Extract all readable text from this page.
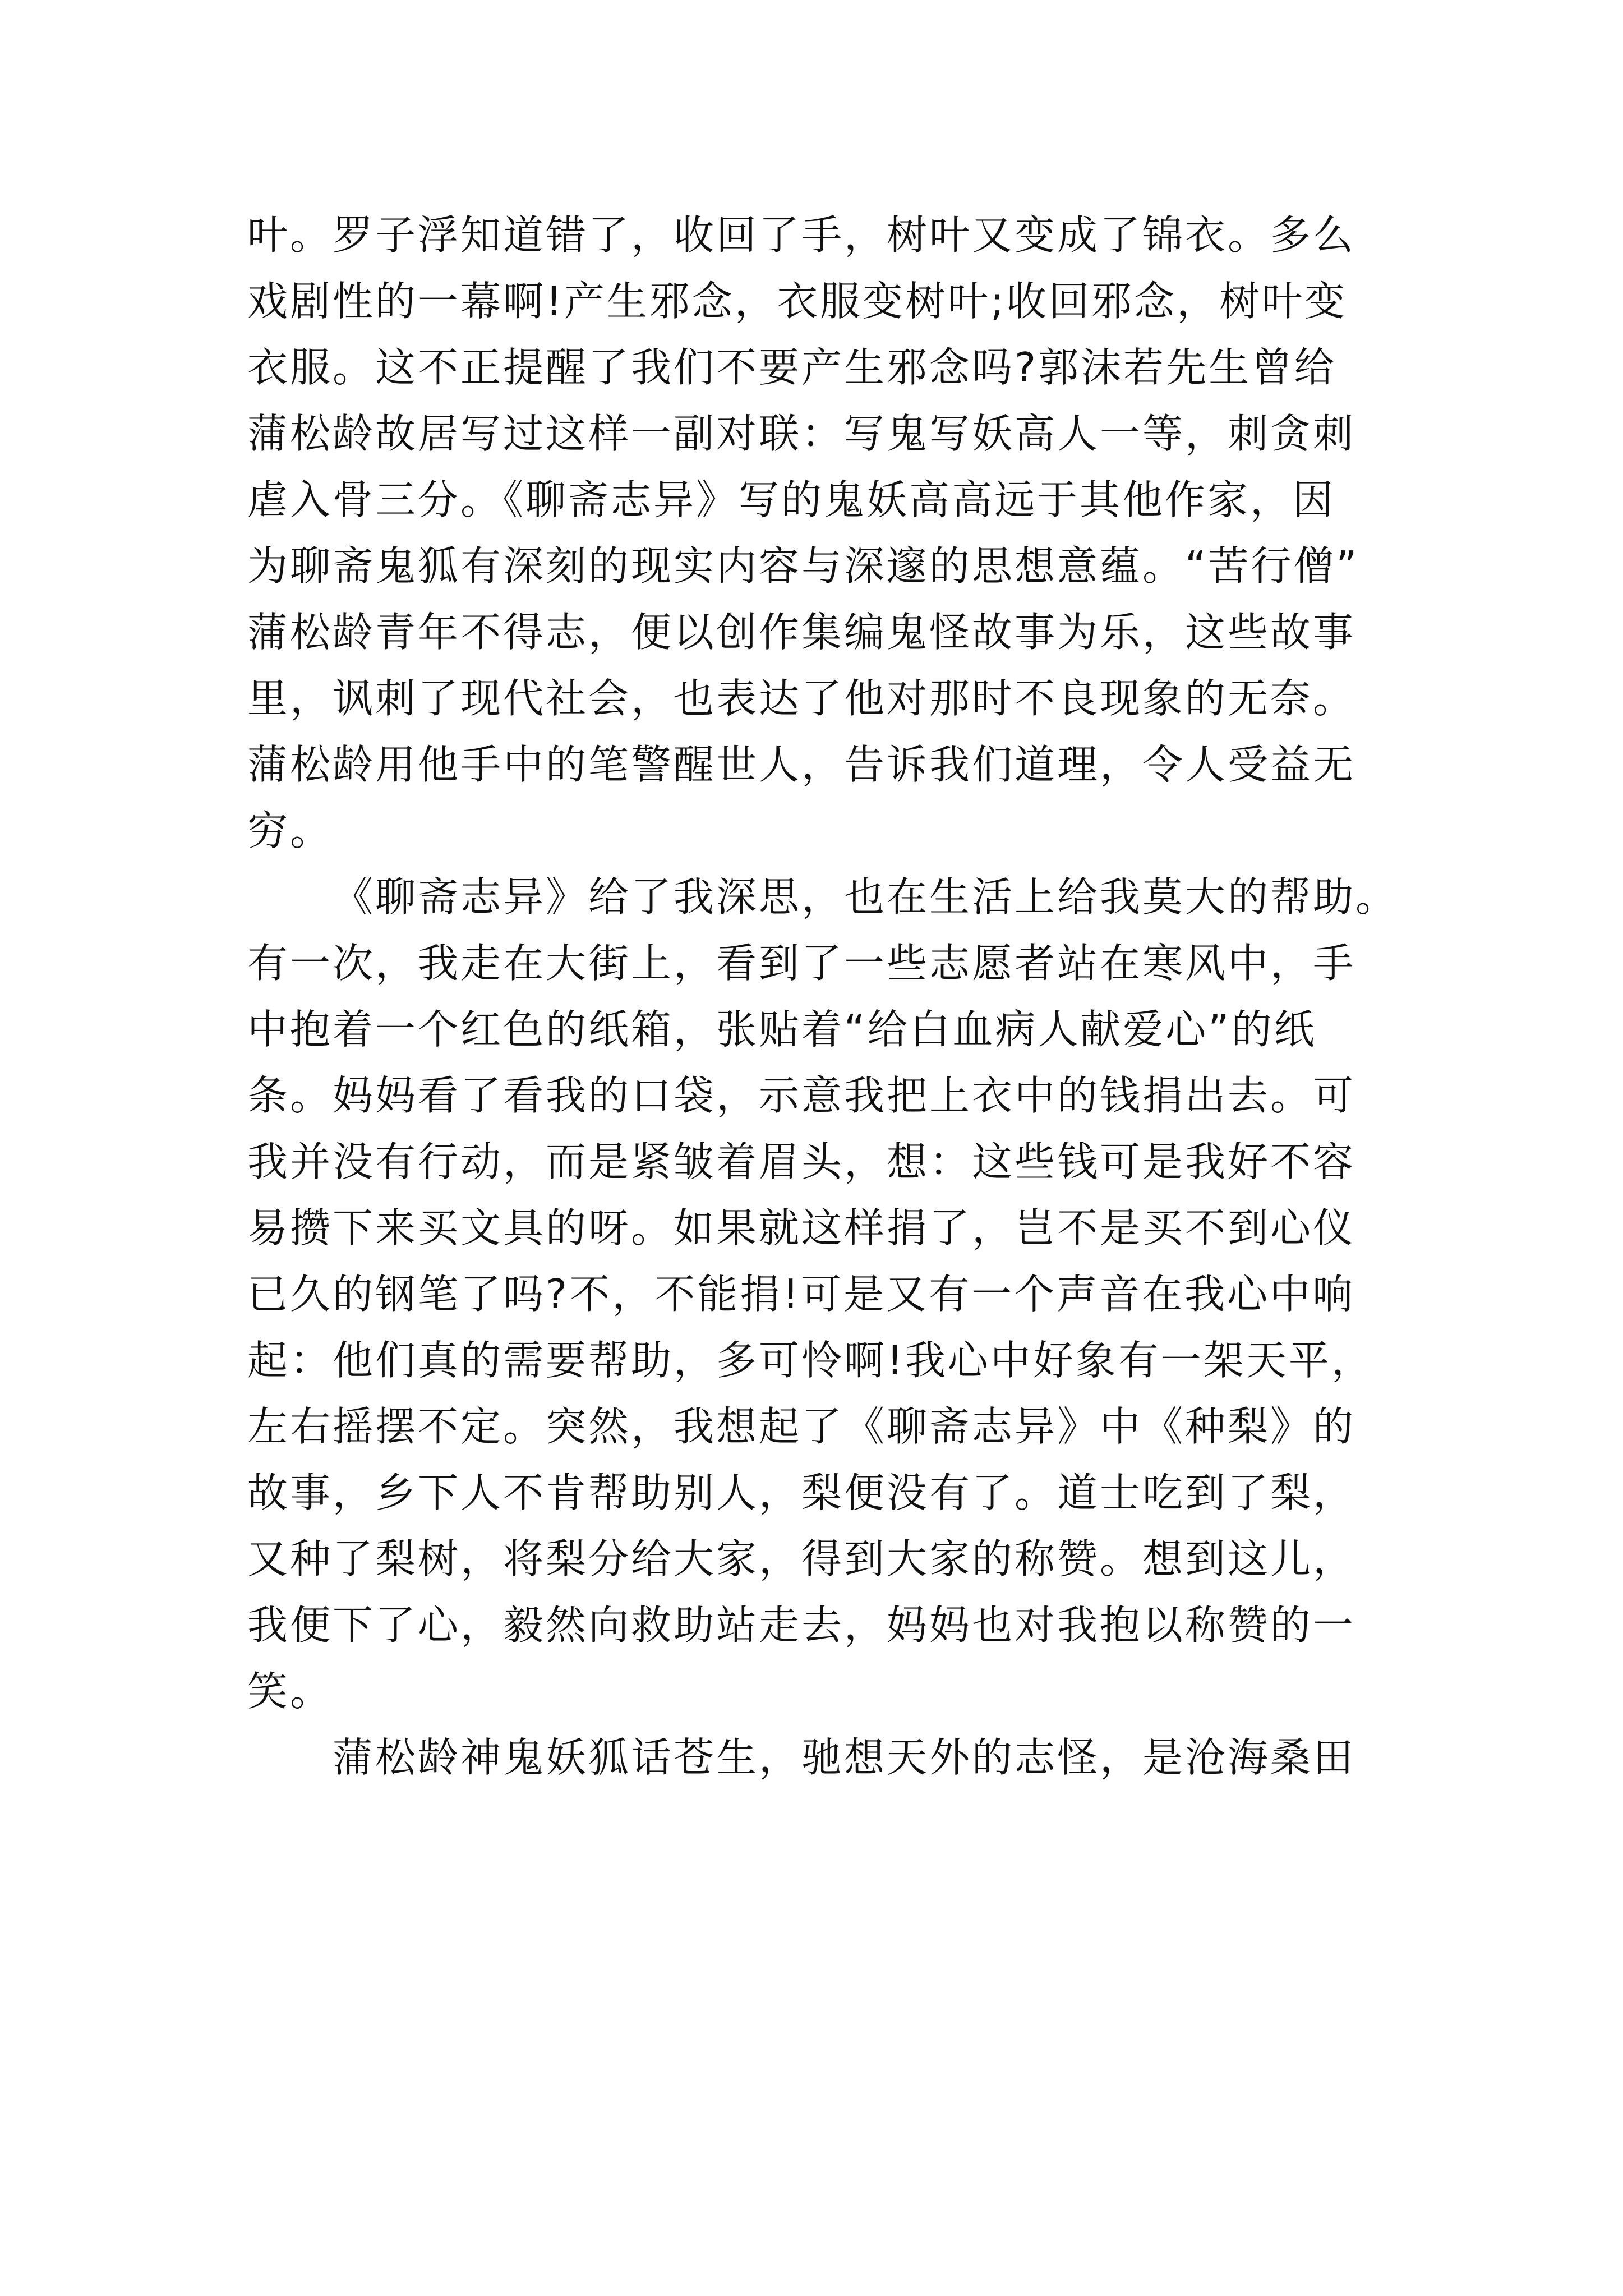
叶。罗子浮知道错了，收回了手，树叶又变成了锦衣。多么
戏剧性的一幕啊!产生邪念，衣服变树叶;收回邪念，树叶变
衣服。这不正提醒了我们不要产生邪念吗?郭沫若先生曾给
蒲松龄故居写过这样一副对联：写鬼写妖高人一等，刺贪刺
虐入骨三分。《聊斋志异》写的鬼妖高高远于其他作家，因
为聊斋鬼狐有深刻的现实内容与深邃的思想意蕴。“苦行僧”
蒲松龄青年不得志，便以创作集编鬼怪故事为乐，这些故事
里，讽刺了现代社会，也表达了他对那时不良现象的无奈。
蒲松龄用他手中的笔警醒世人，告诉我们道理，令人受益无
穷。
《聊斋志异》给了我深思，也在生活上给我莫大的帮助。
有一次，我走在大街上，看到了一些志愿者站在寒风中，手
中抱着一个红色的纸箱，张贴着“给白血病人献爱心”的纸
条。妈妈看了看我的口袋，示意我把上衣中的钱捐出去。可
我并没有行动，而是紧皱着眉头，想：这些钱可是我好不容
易攒下来买文具的呀。如果就这样捐了，岂不是买不到心仪
已久的钢笔了吗?不，不能捐!可是又有一个声音在我心中响
起：他们真的需要帮助，多可怜啊!我心中好象有一架天平，
左右摇摆不定。突然，我想起了《聊斋志异》中《种梨》的
故事，乡下人不肯帮助别人，梨便没有了。道士吃到了梨，
又种了梨树，将梨分给大家，得到大家的称赞。想到这儿，
我便下了心，毅然向救助站走去，妈妈也对我抱以称赞的一
笑。
蒲松龄神鬼妖狐话苍生，驰想天外的志怪，是沧海桑田
